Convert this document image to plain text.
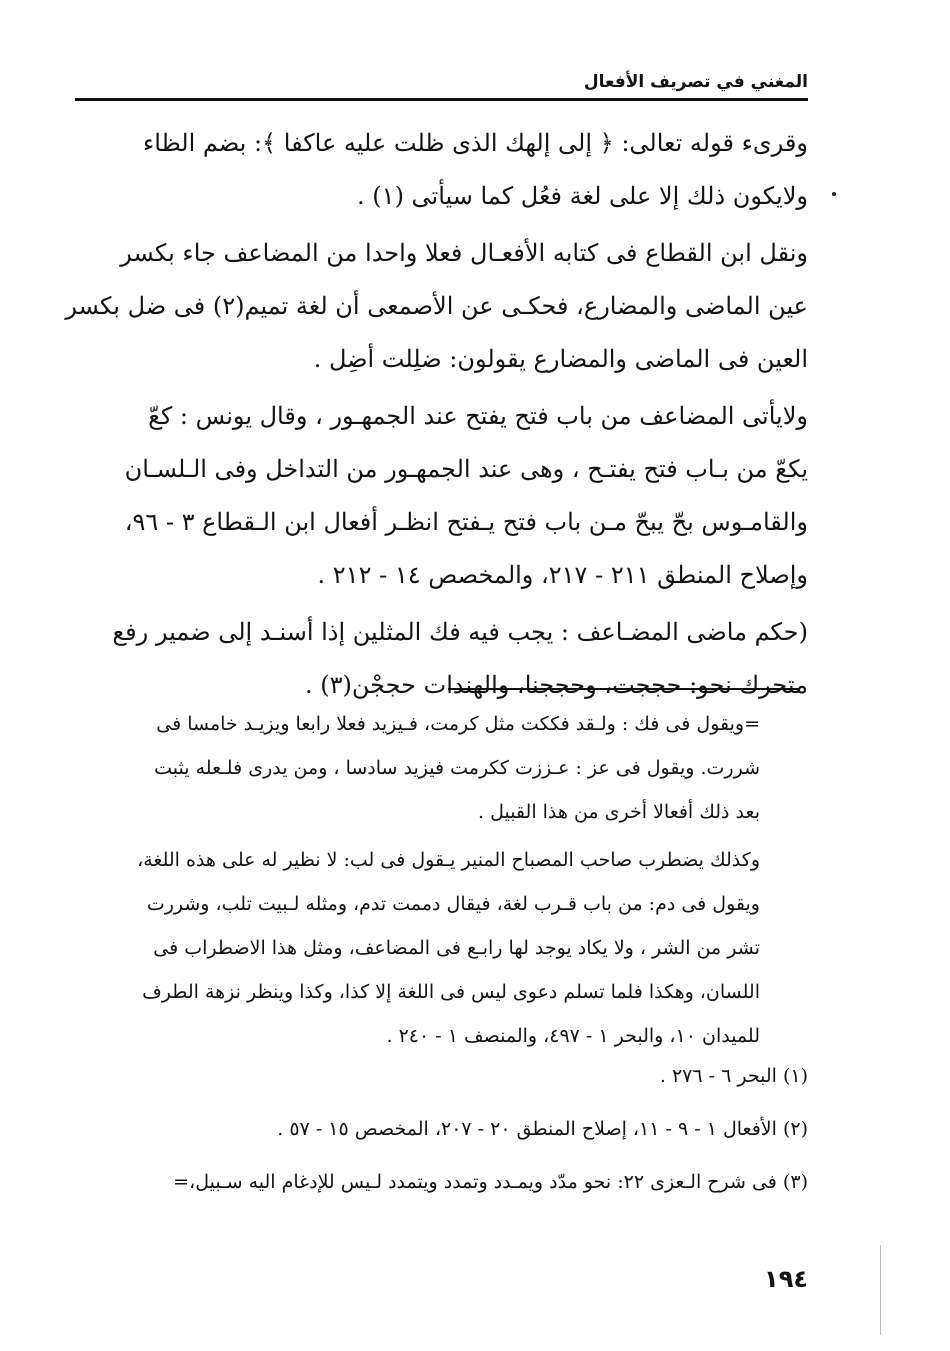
المغني في تصريف الأفعال
وقرىء قوله تعالى: ﴿ إلى إلهك الذى ظلت عليه عاكفا ﴾: بضم الظاء
ولايكون ذلك إلا على لغة فعُل كما سيأتى (١) .
ونقل ابن القطاع فى كتابه الأفعـال فعلا واحدا من المضاعف جاء بكسر
عين الماضى والمضارع، فحكـى عن الأصمعى أن لغة تميم(٢) فى ضل بكسر
العين فى الماضى والمضارع يقولون: ضلِلت أضِل .
ولايأتى المضاعف من باب فتح يفتح عند الجمهـور ، وقال يونس : كعّ
يكعّ من بـاب فتح يفتـح ، وهى عند الجمهـور من التداخل وفى الـلسـان
والقامـوس بحّ يبحّ مـن باب فتح يـفتح انظـر أفعال ابن الـقطاع ٣ - ٩٦،
وإصلاح المنطق ٢١١ - ٢١٧، والمخصص ١٤ - ٢١٢ .
(حكم ماضى المضـاعف : يجب فيه فك المثلين إذا أسنـد إلى ضمير رفع
متحرك نحو: حججت، وحججنا، والهندات حججْن(٣) .
=ويقول فى فك : ولـقد فككت مثل كرمت، فـيزيد فعلا رابعا ويزيـد خامسا فى
شررت. ويقول فى عز : عـززت ككرمت فيزيد سادسا ، ومن يدرى فلـعله يثبت
بعد ذلك أفعالا أخرى من هذا القبيل .
وكذلك يضطرب صاحب المصباح المنير يـقول فى لب: لا نظير له على هذه اللغة،
ويقول فى دم: من باب قـرب لغة، فيقال دممت تدم، ومثله لـبيت تلب، وشررت
تشر من الشر ، ولا يكاد يوجد لها رابـع فى المضاعف، ومثل هذا الاضطراب فى
اللسان، وهكذا فلما تسلم دعوى ليس فى اللغة إلا كذا، وكذا وينظر نزهة الطرف
للميدان ١٠، والبحر ١ - ٤٩٧، والمنصف ١ - ٢٤٠ .
(١) البحر ٦ - ٢٧٦ .
(٢) الأفعال ١ - ٩ - ١١، إصلاح المنطق ٢٠ - ٢٠٧، المخصص ١٥ - ٥٧ .
(٣) فى شرح الـعزى ٢٢: نحو مدّد ويمـدد وتمدد ويتمدد لـيس للإدغام اليه سـبيل،=
١٩٤
